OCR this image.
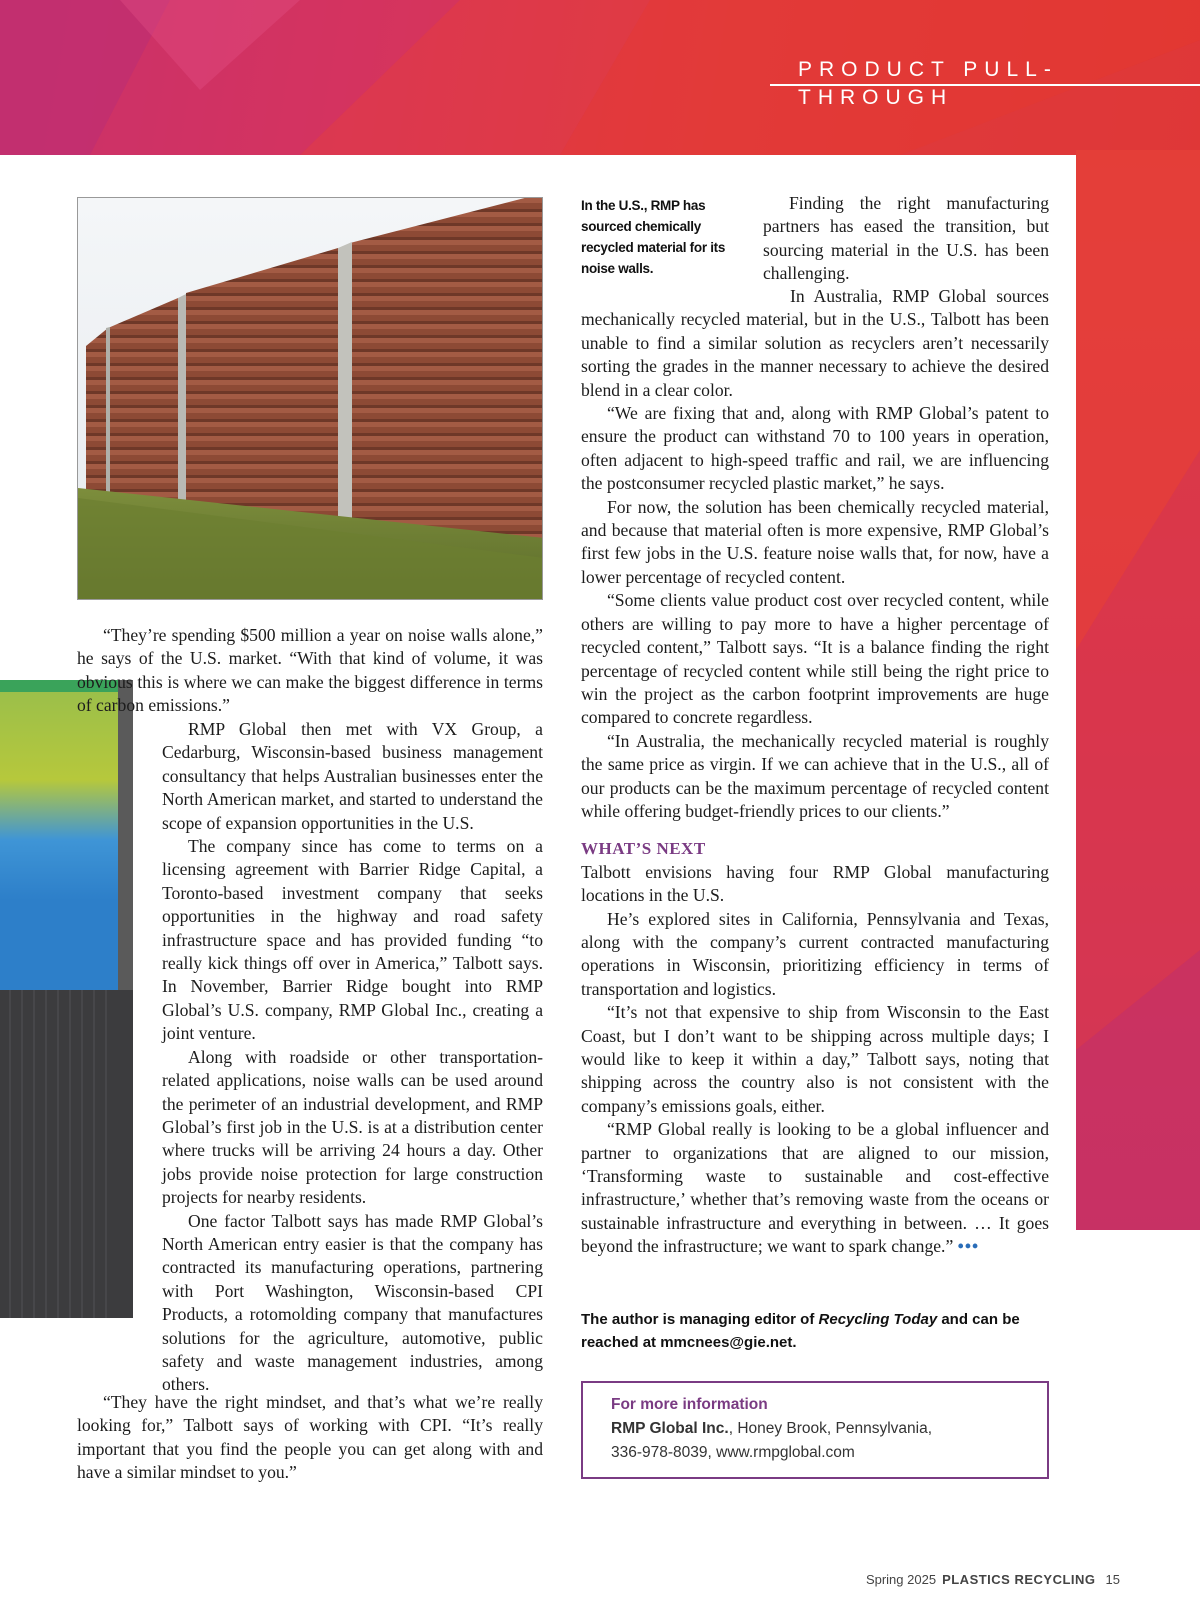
PRODUCT PULL-THROUGH
In the U.S., RMP has sourced chemically recycled material for its noise walls.

“They’re spending $500 million a year on noise walls alone,” he says of the U.S. market. “With that kind of volume, it was obvious this is where we can make the biggest difference in terms of carbon emissions.”

RMP Global then met with VX Group, a Cedarburg, Wisconsin-based business management consultancy that helps Australian businesses enter the North American market, and started to understand the scope of expansion opportunities in the U.S.

The company since has come to terms on a licensing agreement with Barrier Ridge Capital, a Toronto-based investment company that seeks opportunities in the highway and road safety infrastructure space and has provided funding “to really kick things off over in America,” Talbott says. In November, Barrier Ridge bought into RMP Global’s U.S. company, RMP Global Inc., creating a joint venture.

Along with roadside or other transportation-related applications, noise walls can be used around the perimeter of an industrial development, and RMP Global’s first job in the U.S. is at a distribution center where trucks will be arriving 24 hours a day. Other jobs provide noise protection for large construction projects for nearby residents.

One factor Talbott says has made RMP Global’s North American entry easier is that the company has contracted its manufacturing operations, partnering with Port Washington, Wisconsin-based CPI Products, a rotomolding company that manufactures solutions for the agriculture, automotive, public safety and waste management industries, among others.

“They have the right mindset, and that’s what we’re really looking for,” Talbott says of working with CPI. “It’s really important that you find the people you can get along with and have a similar mindset to you.”

Finding the right manufacturing partners has eased the transition, but sourcing material in the U.S. has been challenging.

In Australia, RMP Global sources mechanically recycled material, but in the U.S., Talbott has been unable to find a similar solution as recyclers aren’t necessarily sorting the grades in the manner necessary to achieve the desired blend in a clear color.

“We are fixing that and, along with RMP Global’s patent to ensure the product can withstand 70 to 100 years in operation, often adjacent to high-speed traffic and rail, we are influencing the postconsumer recycled plastic market,” he says.

For now, the solution has been chemically recycled material, and because that material often is more expensive, RMP Global’s first few jobs in the U.S. feature noise walls that, for now, have a lower percentage of recycled content.

“Some clients value product cost over recycled content, while others are willing to pay more to have a higher percentage of recycled content,” Talbott says. “It is a balance finding the right percentage of recycled content while still being the right price to win the project as the carbon footprint improvements are huge compared to concrete regardless.

“In Australia, the mechanically recycled material is roughly the same price as virgin. If we can achieve that in the U.S., all of our products can be the maximum percentage of recycled content while offering budget-friendly prices to our clients.”

WHAT’S NEXT

Talbott envisions having four RMP Global manufacturing locations in the U.S.

He’s explored sites in California, Pennsylvania and Texas, along with the company’s current contracted manufacturing operations in Wisconsin, prioritizing efficiency in terms of transportation and logistics.

“It’s not that expensive to ship from Wisconsin to the East Coast, but I don’t want to be shipping across multiple days; I would like to keep it within a day,” Talbott says, noting that shipping across the country also is not consistent with the company’s emissions goals, either.

“RMP Global really is looking to be a global influencer and partner to organizations that are aligned to our mission, ‘Transforming waste to sustainable and cost-effective infrastructure,’ whether that’s removing waste from the oceans or sustainable infrastructure and everything in between. … It goes beyond the infrastructure; we want to spark change.” •••

The author is managing editor of Recycling Today and can be reached at mmcnees@gie.net.
For more information
RMP Global Inc., Honey Brook, Pennsylvania,
336-978-8039, www.rmpglobal.com
Spring 2025 PLASTICS RECYCLING 15
